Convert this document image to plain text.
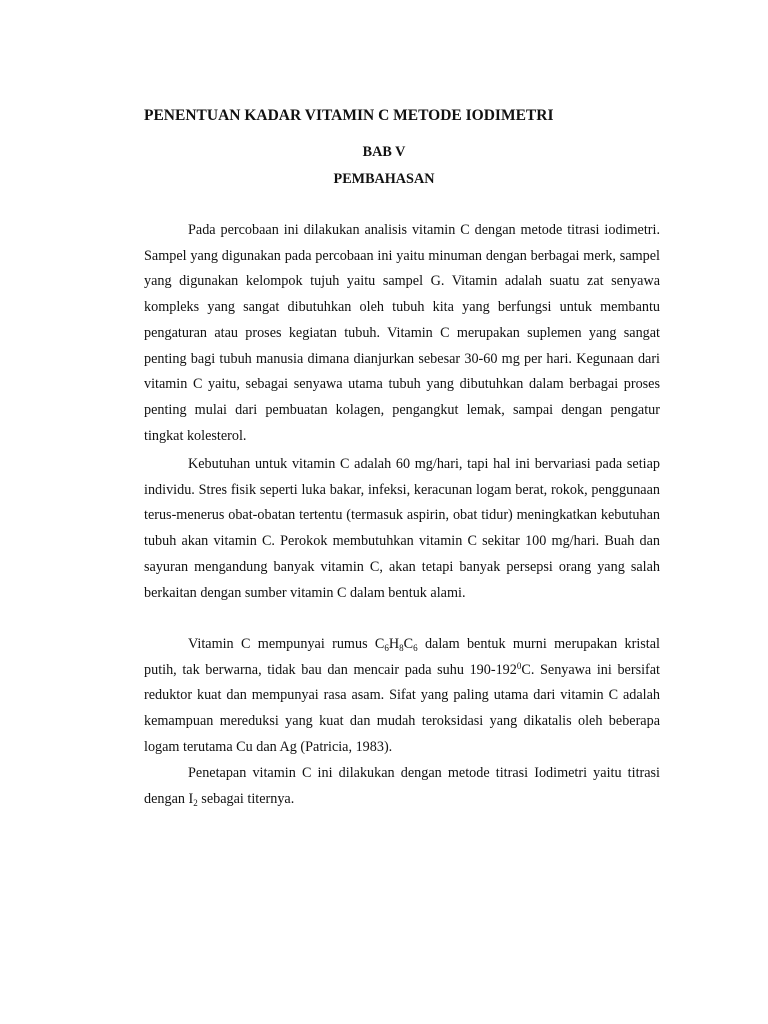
PENENTUAN KADAR VITAMIN C METODE IODIMETRI
BAB V
PEMBAHASAN

Pada percobaan ini dilakukan analisis vitamin C dengan metode titrasi iodimetri. Sampel yang digunakan pada percobaan ini yaitu minuman dengan berbagai merk, sampel yang digunakan kelompok tujuh yaitu sampel G. Vitamin adalah suatu zat senyawa kompleks yang sangat dibutuhkan oleh tubuh kita yang berfungsi untuk membantu pengaturan atau proses kegiatan tubuh. Vitamin C merupakan suplemen yang sangat penting bagi tubuh manusia dimana dianjurkan sebesar 30-60 mg per hari. Kegunaan dari vitamin C yaitu, sebagai senyawa utama tubuh yang dibutuhkan dalam berbagai proses penting mulai dari pembuatan kolagen, pengangkut lemak, sampai dengan pengatur tingkat kolesterol.

Kebutuhan untuk vitamin C adalah 60 mg/hari, tapi hal ini bervariasi pada setiap individu. Stres fisik seperti luka bakar, infeksi, keracunan logam berat, rokok, penggunaan terus-menerus obat-obatan tertentu (termasuk aspirin, obat tidur) meningkatkan kebutuhan tubuh akan vitamin C. Perokok membutuhkan vitamin C sekitar 100 mg/hari. Buah dan sayuran mengandung banyak vitamin C, akan tetapi banyak persepsi orang yang salah berkaitan dengan sumber vitamin C dalam bentuk alami.

Vitamin C mempunyai rumus $C_6H_8C_6$ dalam bentuk murni merupakan kristal putih, tak berwarna, tidak bau dan mencair pada suhu $190-192^0C$. Senyawa ini bersifat reduktor kuat dan mempunyai rasa asam. Sifat yang paling utama dari vitamin C adalah kemampuan mereduksi yang kuat dan mudah teroksidasi yang dikatalis oleh beberapa logam terutama Cu dan Ag (Patricia, 1983).

Penetapan vitamin C ini dilakukan dengan metode titrasi Iodimetri yaitu titrasi dengan $I_2$ sebagai titernya.
